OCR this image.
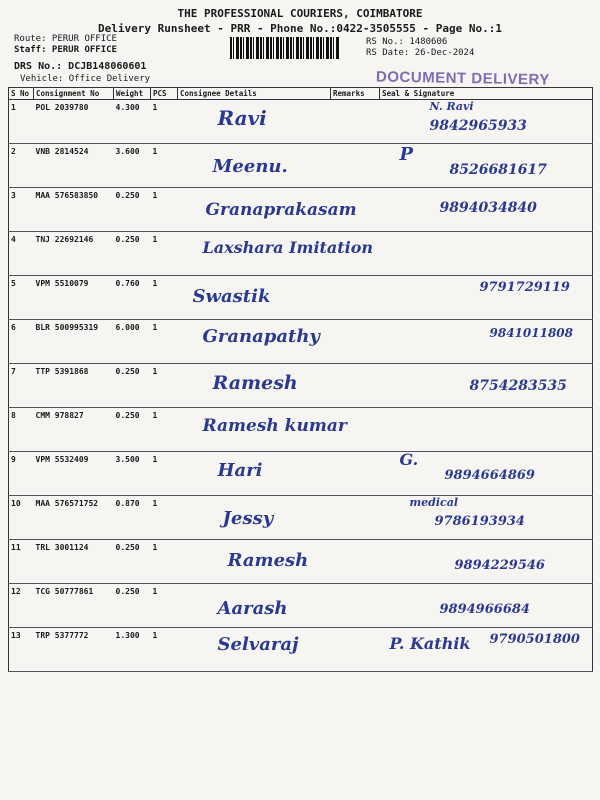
THE PROFESSIONAL COURIERS, COIMBATORE
Delivery Runsheet - PRR - Phone No.:0422-3505555 - Page No.:1
Route: PERUR OFFICE
Staff: PERUR OFFICE
DRS No.: DCJB148060601
Vehicle: Office Delivery
RS No.: 1480606
RS Date: 26-Dec-2024
DOCUMENT DELIVERY
S No	Consignment No	Weight	PCS	Consignee Details	Remarks	Seal & Signature
1	POL 2039780	4.300	1	Ravi		N. Ravi
9842965933

2	VNB 2814524	3.600	1	Meenu.		P
8526681617

3	MAA 576583850	0.250	1	Granaprakasam		9894034840

4	TNJ 22692146	0.250	1	Laxshara Imitation		

5	VPM 5510079	0.760	1	Swastik		9791729119

6	BLR 500995319	6.000	1	Granapathy		9841011808

7	TTP 5391868	0.250	1	Ramesh		8754283535

8	CMM 978827	0.250	1	Ramesh kumar		

9	VPM 5532409	3.500	1	Hari		G.
9894664869

10	MAA 576571752	0.870	1	Jessy		medical
9786193934

11	TRL 3001124	0.250	1	Ramesh		9894229546

12	TCG 50777861	0.250	1	Aarash		9894966684

13	TRP 5377772	1.300	1	Selvaraj		P. Kathik 9790501800
